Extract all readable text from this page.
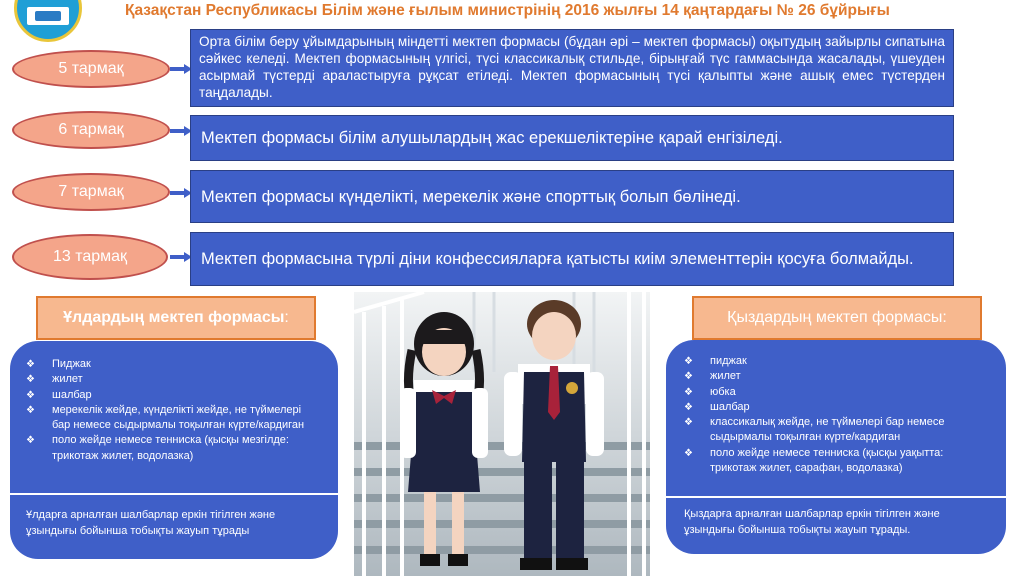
Қазақстан Республикасы Білім және ғылым министрінің 2016 жылғы 14 қаңтардағы № 26 бұйрығы
5 тармақ
Орта білім беру ұйымдарының міндетті мектеп формасы (бұдан әрі – мектеп формасы) оқытудың зайырлы сипатына сәйкес келеді. Мектеп формасының үлгісі, түсі классикалық стильде, бірыңғай түс гаммасында жасалады, үшеуден асырмай түстерді араластыруға рұқсат етіледі. Мектеп формасының түсі қалыпты және ашық емес түстерден таңдалады.
6 тармақ	Мектеп формасы білім алушылардың жас ерекшеліктеріне қарай енгізіледі.
7 тармақ	Мектеп формасы күнделікті, мерекелік және спорттық болып бөлінеді.
13 тармақ	Мектеп формасына түрлі діни конфессияларға қатысты киім элементтерін қосуға болмайды.
Ұлдардың мектеп формасы :
❖ Пиджак
❖ жилет
❖ шалбар
❖ мерекелік жейде, күнделікті жейде, не түймелері бар немесе сыдырмалы тоқылған күрте/кардиган
❖ поло жейде немесе тенниска (қысқы мезгілде: трикотаж жилет, водолазка)
Ұлдарға арналған шалбарлар еркін тігілген және ұзындығы бойынша тобықты жауып тұрады
Қыздардың мектеп формасы:
❖ пиджак
❖ жилет
❖ юбка
❖ шалбар
❖ классикалық жейде, не түймелері бар немесе сыдырмалы тоқылған күрте/кардиган
❖ поло жейде немесе тенниска (қысқы уақытта: трикотаж жилет, сарафан, водолазка)
Қыздарға арналған шалбарлар еркін тігілген және ұзындығы бойынша тобықты жауып тұрады.
